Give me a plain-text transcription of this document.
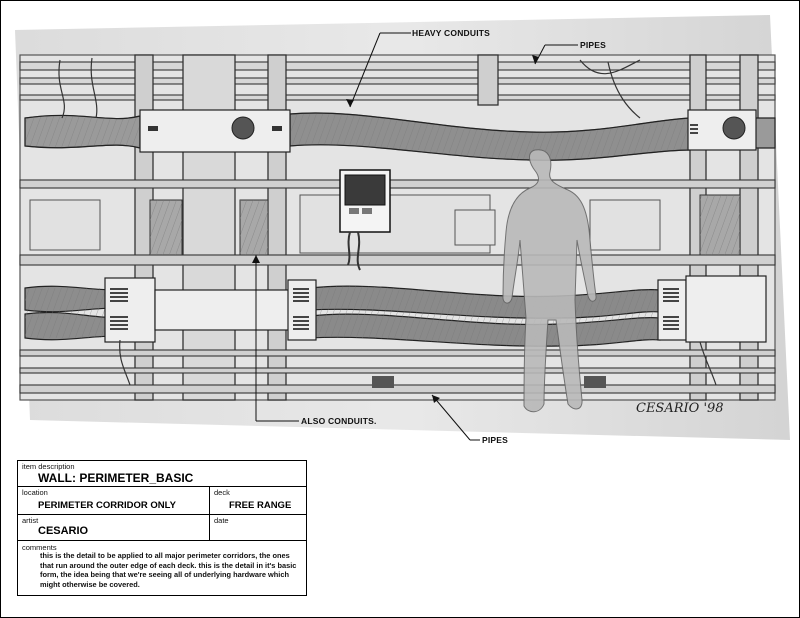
HEAVY CONDUITS
PIPES
ALSO CONDUITS.
PIPES
CESARIO '98
item description
WALL: PERIMETER_BASIC
location
PERIMETER CORRIDOR ONLY
deck
FREE RANGE
artist
CESARIO
date
comments
this is the detail to be applied to all major perimeter corridors, the ones that run around the outer edge of each deck. this is the detail in it's basic form, the idea being that we're seeing all of underlying hardware which might otherwise be covered.
